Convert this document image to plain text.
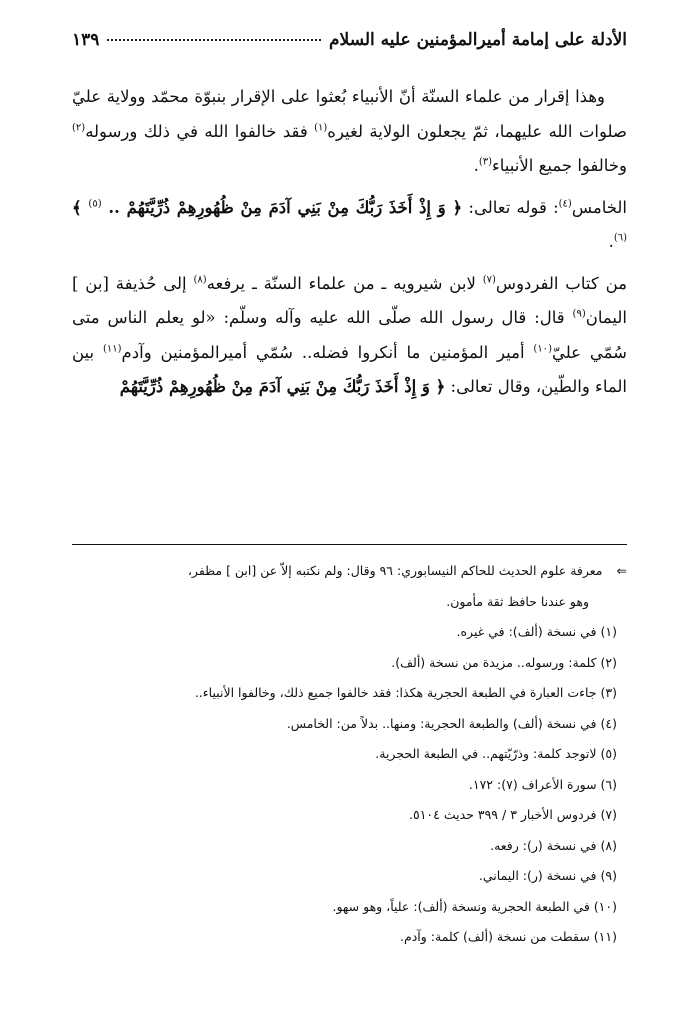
الأدلة على إمامة أميرالمؤمنين عليه السلام
١٣٩

وهذا إقرار من علماء السنّة أنّ الأنبياء بُعثوا على الإقرار بنبوّة محمّد وولاية عليّ صلوات الله عليهما، ثمّ يجعلون الولاية لغيره$^{(١)}$ فقد خالفوا الله في ذلك ورسوله$^{(٢)}$ وخالفوا جميع الأنبياء$^{(٣)}$.

الخامس$^{(٤)}$: قوله تعالى: ﴿ وَ إِذْ أَخَذَ رَبُّكَ مِنْ بَنِي آدَمَ مِنْ ظُهُورِهِمْ ذُرِّيَّتَهُمْ .. $^{(٥)}$ ﴾$^{(٦)}$.

من كتاب الفردوس$^{(٧)}$ لابن شيرويه ـ من علماء السنّة ـ يرفعه$^{(٨)}$ إلى حُذيفة [بن ] اليمان$^{(٩)}$ قال: قال رسول الله صلّى الله عليه وآله وسلّم: «لو يعلم الناس متى سُمّي عليّ$^{(١٠)}$ أمير المؤمنين ما أنكروا فضله.. سُمّي أميرالمؤمنين وآدم$^{(١١)}$ بين الماء والطّين، وقال تعالى: ﴿ وَ إِذْ أَخَذَ رَبُّكَ مِنْ بَنِي آدَمَ مِنْ ظُهُورِهِمْ ذُرِّيَّتَهُمْ

⇐معرفة علوم الحديث للحاكم النيسابوري: ٩٦ وقال: ولم نكتبه إلاّ عن [ابن ] مظفر،
وهو عندنا حافظ ثقة مأمون.
(١) في نسخة (ألف): في غيره.
(٢) كلمة: ورسوله.. مزيدة من نسخة (ألف).
(٣) جاءت العبارة في الطبعة الحجرية هكذا: فقد خالفوا جميع ذلك، وخالفوا الأنبياء..
(٤) في نسخة (ألف) والطبعة الحجرية: ومنها.. بدلاً من: الخامس.
(٥) لاتوجد كلمة: وذرّيّتهم.. في الطبعة الحجرية.
(٦) سورة الأعراف (٧): ١٧٢.
(٧) فردوس الأخبار ٣ / ٣٩٩ حديث ٥١٠٤.
(٨) في نسخة (ر): رفعه.
(٩) في نسخة (ر): اليماني.
(١٠) في الطبعة الحجرية ونسخة (ألف): علياً، وهو سهو.
(١١) سقطت من نسخة (ألف) كلمة: وآدم.
